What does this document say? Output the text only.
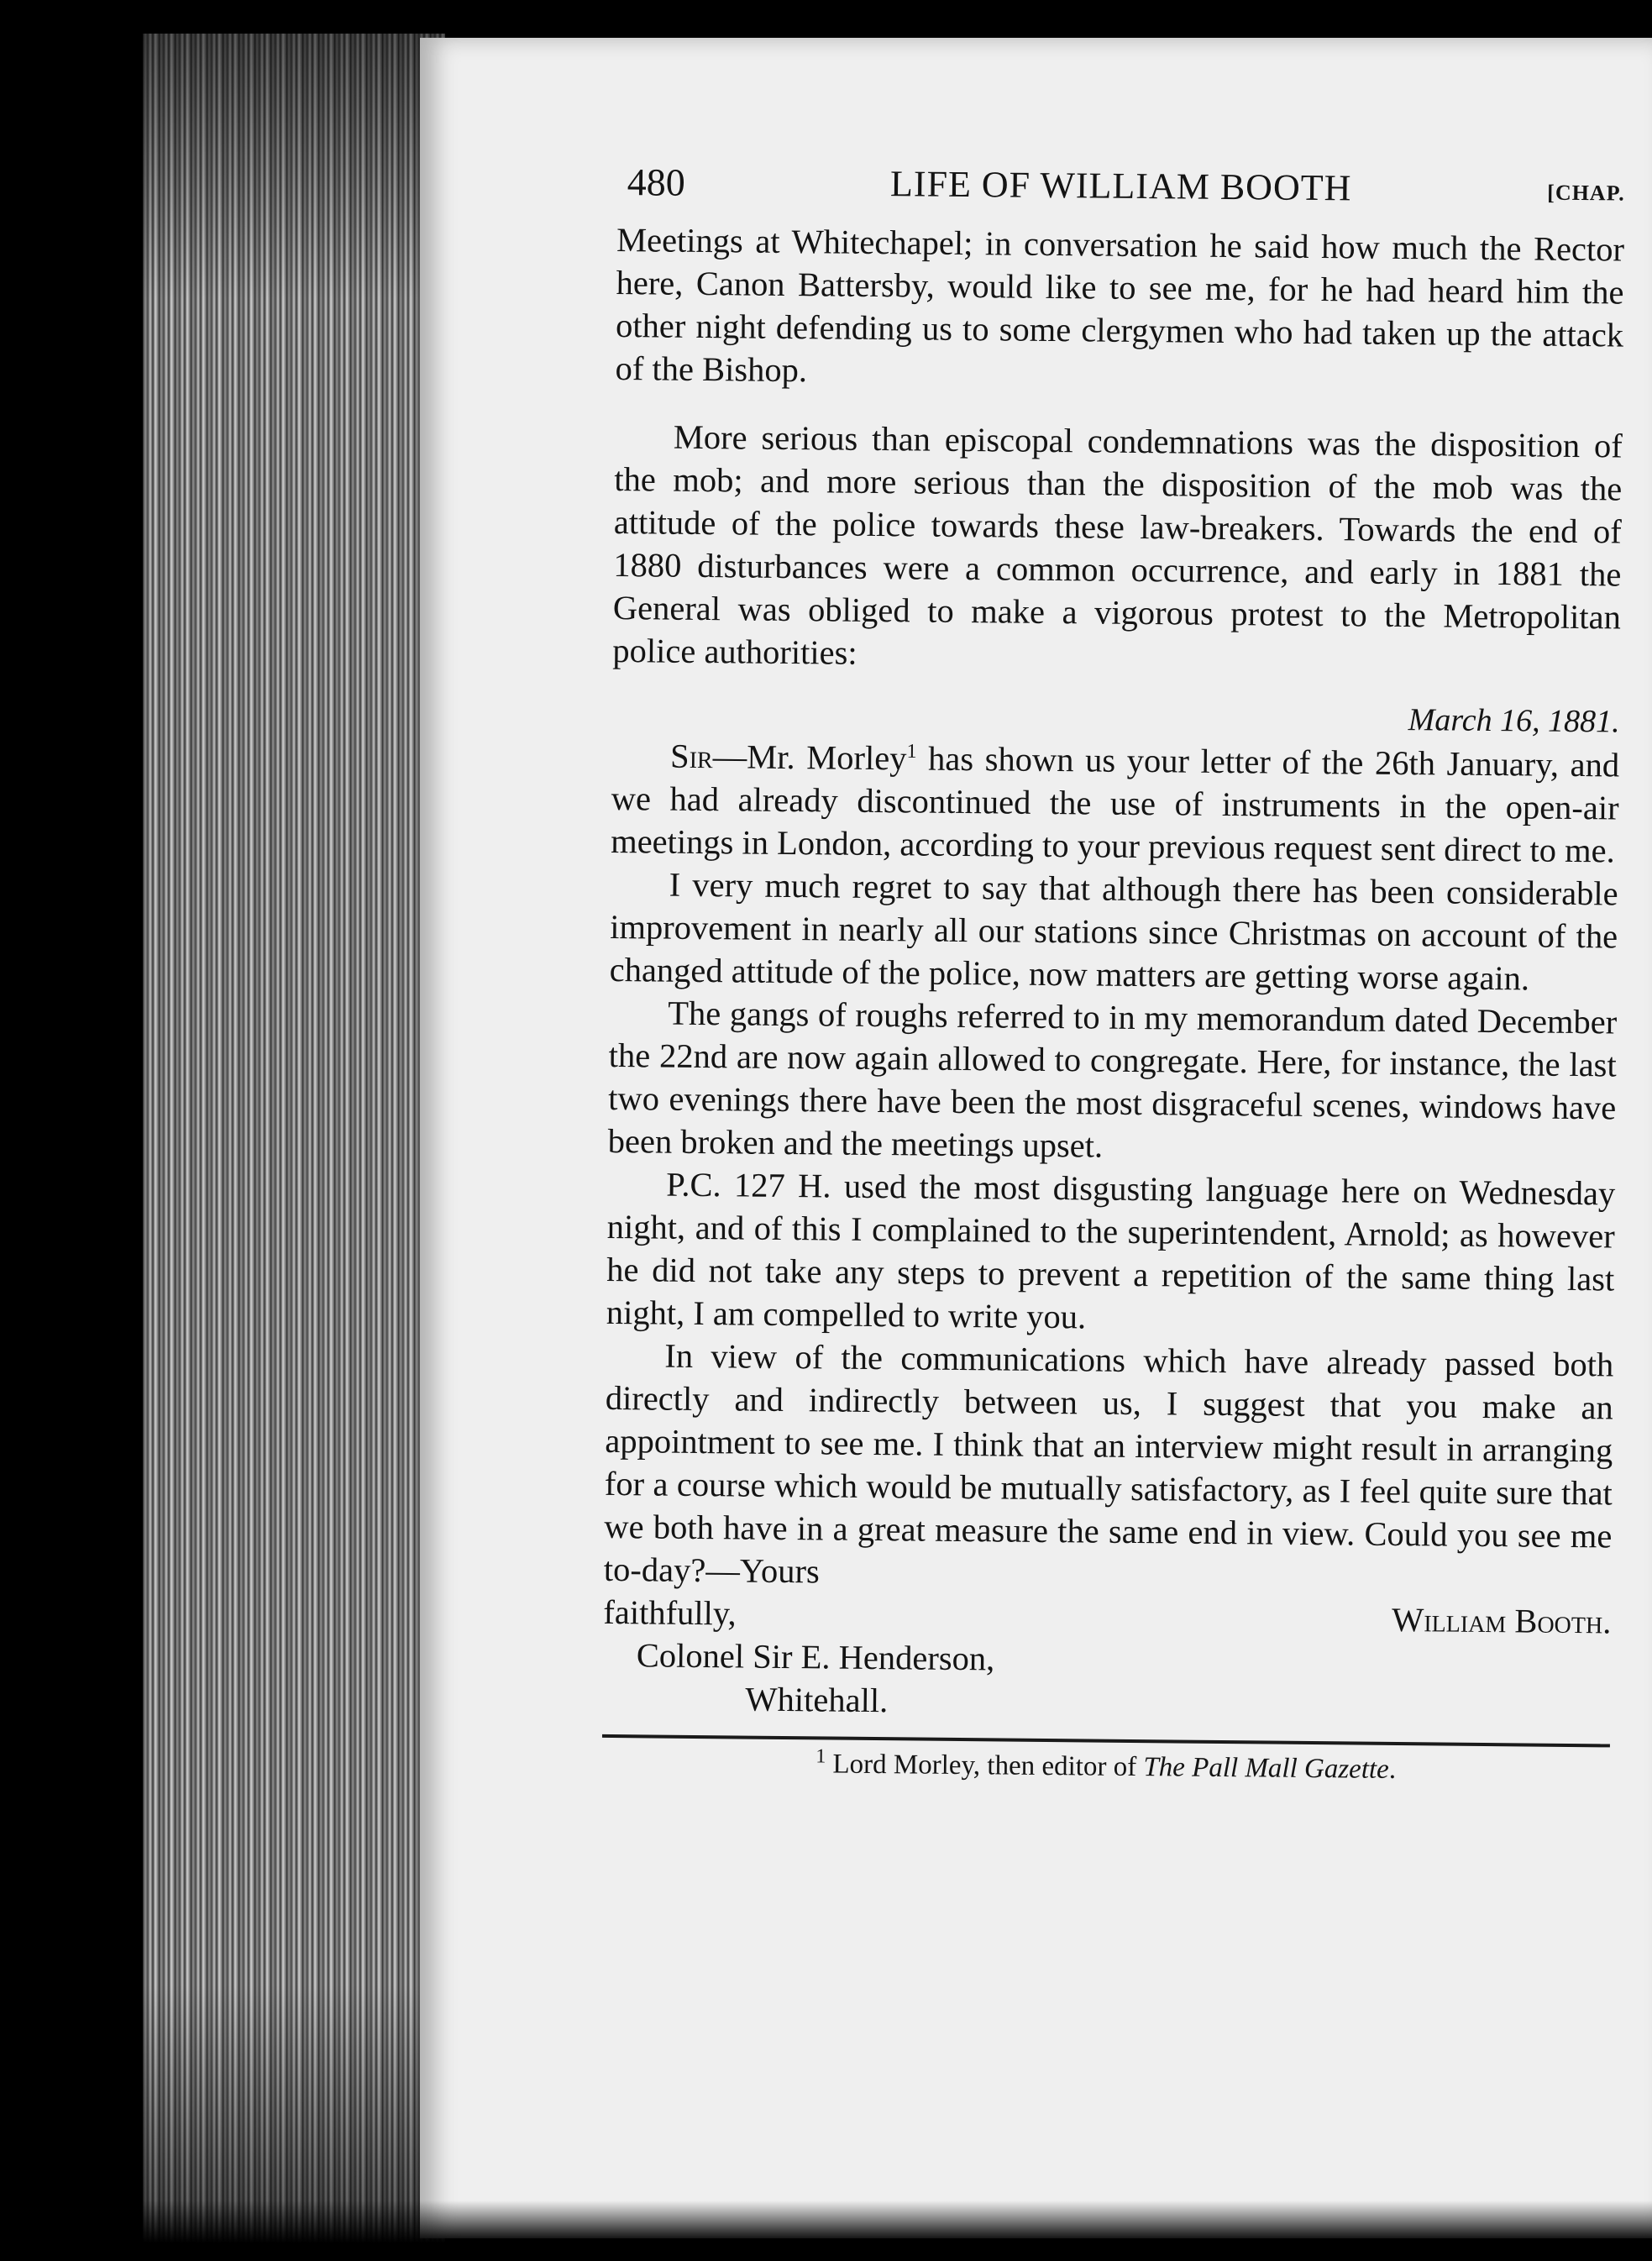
480	LIFE OF WILLIAM BOOTH	[CHAP.

Meetings at Whitechapel; in conversation he said how much the Rector here, Canon Battersby, would like to see me, for he had heard him the other night defending us to some clergymen who had taken up the attack of the Bishop.

More serious than episcopal condemnations was the disposition of the mob; and more serious than the disposition of the mob was the attitude of the police towards these law-breakers. Towards the end of 1880 disturbances were a common occurrence, and early in 1881 the General was obliged to make a vigorous protest to the Metropolitan police authorities:

March 16, 1881.

Sir—Mr. Morley$^1$ has shown us your letter of the 26th January, and we had already discontinued the use of instruments in the open-air meetings in London, according to your previous request sent direct to me.

I very much regret to say that although there has been considerable improvement in nearly all our stations since Christmas on account of the changed attitude of the police, now matters are getting worse again.

The gangs of roughs referred to in my memorandum dated December the 22nd are now again allowed to congregate. Here, for instance, the last two evenings there have been the most disgraceful scenes, windows have been broken and the meetings upset.

P.C. 127 H. used the most disgusting language here on Wednesday night, and of this I complained to the superintendent, Arnold; as however he did not take any steps to prevent a repetition of the same thing last night, I am compelled to write you.

In view of the communications which have already passed both directly and indirectly between us, I suggest that you make an appointment to see me. I think that an interview might result in arranging for a course which would be mutually satisfactory, as I feel quite sure that we both have in a great measure the same end in view. Could you see me to-day?—Yours

faithfully,	William Booth.
Colonel Sir E. Henderson,
Whitehall.
$^1$ Lord Morley, then editor of The Pall Mall Gazette.
